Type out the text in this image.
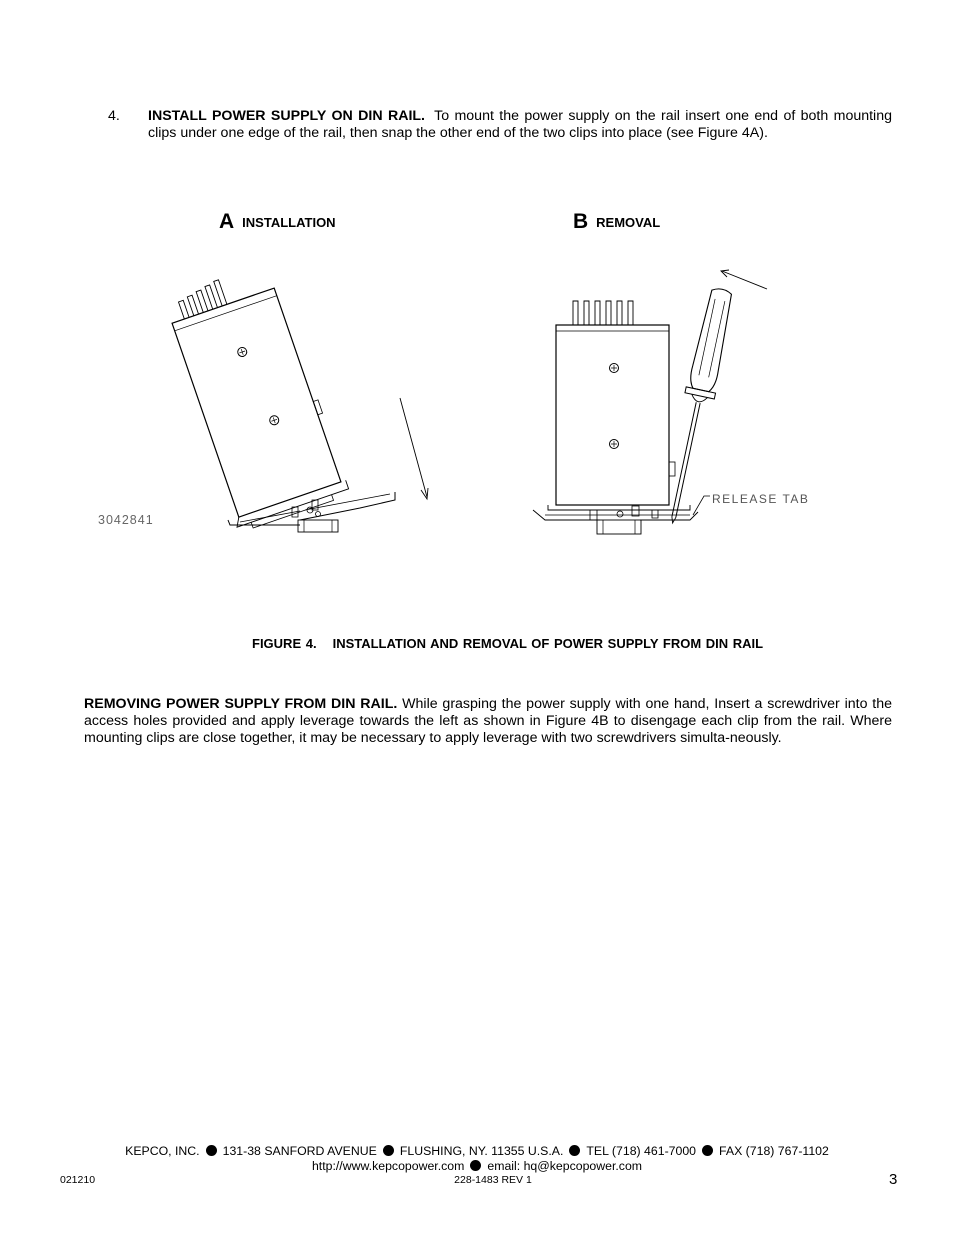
4. INSTALL POWER SUPPLY ON DIN RAIL. To mount the power supply on the rail insert one end of both mounting clips under one edge of the rail, then snap the other end of the two clips into place (see Figure 4A).
AINSTALLATION	BREMOVAL
RELEASE TAB
3042841
FIGURE 4. INSTALLATION AND REMOVAL OF POWER SUPPLY FROM DIN RAIL
REMOVING POWER SUPPLY FROM DIN RAIL. While grasping the power supply with one hand, Insert a screwdriver into the access holes provided and apply leverage towards the left as shown in Figure 4B to disengage each clip from the rail. Where mounting clips are close together, it may be necessary to apply leverage with two screwdrivers simulta-neously.
KEPCO, INC. 131-38 SANFORD AVENUE FLUSHING, NY. 11355 U.S.A. TEL (718) 461-7000 FAX (718) 767-1102
http://www.kepcopower.com email: hq@kepcopower.com
021210	228-1483 REV 1	3
